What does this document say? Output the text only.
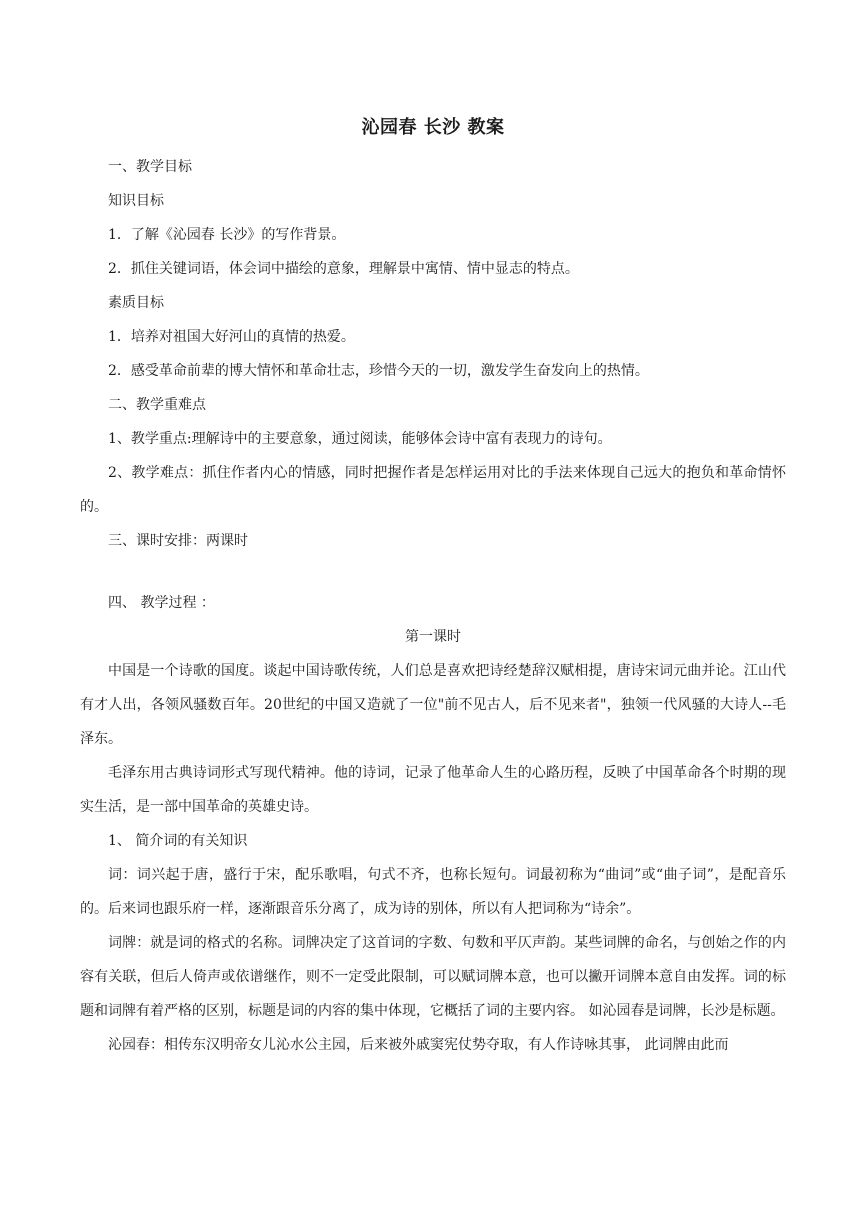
沁园春 长沙 教案

一、教学目标

知识目标

1．了解《沁园春 长沙》的写作背景。

2．抓住关键词语，体会词中描绘的意象，理解景中寓情、情中显志的特点。

素质目标

1．培养对祖国大好河山的真情的热爱。

2．感受革命前辈的博大情怀和革命壮志，珍惜今天的一切，激发学生奋发向上的热情。

二、教学重难点

1、教学重点:理解诗中的主要意象，通过阅读，能够体会诗中富有表现力的诗句。

2、教学难点：抓住作者内心的情感，同时把握作者是怎样运用对比的手法来体现自己远大的抱负和革命情怀的。

三、课时安排：两课时

四、 教学过程 ：

第一课时

中国是一个诗歌的国度。谈起中国诗歌传统，人们总是喜欢把诗经楚辞汉赋相提，唐诗宋词元曲并论。江山代有才人出，各领风骚数百年。20世纪的中国又造就了一位"前不见古人，后不见来者"，独领一代风骚的大诗人--毛泽东。

毛泽东用古典诗词形式写现代精神。他的诗词，记录了他革命人生的心路历程，反映了中国革命各个时期的现实生活，是一部中国革命的英雄史诗。

1、 简介词的有关知识

词：词兴起于唐，盛行于宋，配乐歌唱，句式不齐，也称长短句。词最初称为“曲词”或“曲子词”，是配音乐的。后来词也跟乐府一样，逐渐跟音乐分离了，成为诗的别体，所以有人把词称为“诗余”。

词牌：就是词的格式的名称。词牌决定了这首词的字数、句数和平仄声韵。某些词牌的命名，与创始之作的内容有关联，但后人倚声或依谱继作，则不一定受此限制，可以赋词牌本意，也可以撇开词牌本意自由发挥。词的标题和词牌有着严格的区别，标题是词的内容的集中体现，它概括了词的主要内容。 如沁园春是词牌，长沙是标题。

沁园春：相传东汉明帝女儿沁水公主园，后来被外戚窦宪仗势夺取，有人作诗咏其事， 此词牌由此而
